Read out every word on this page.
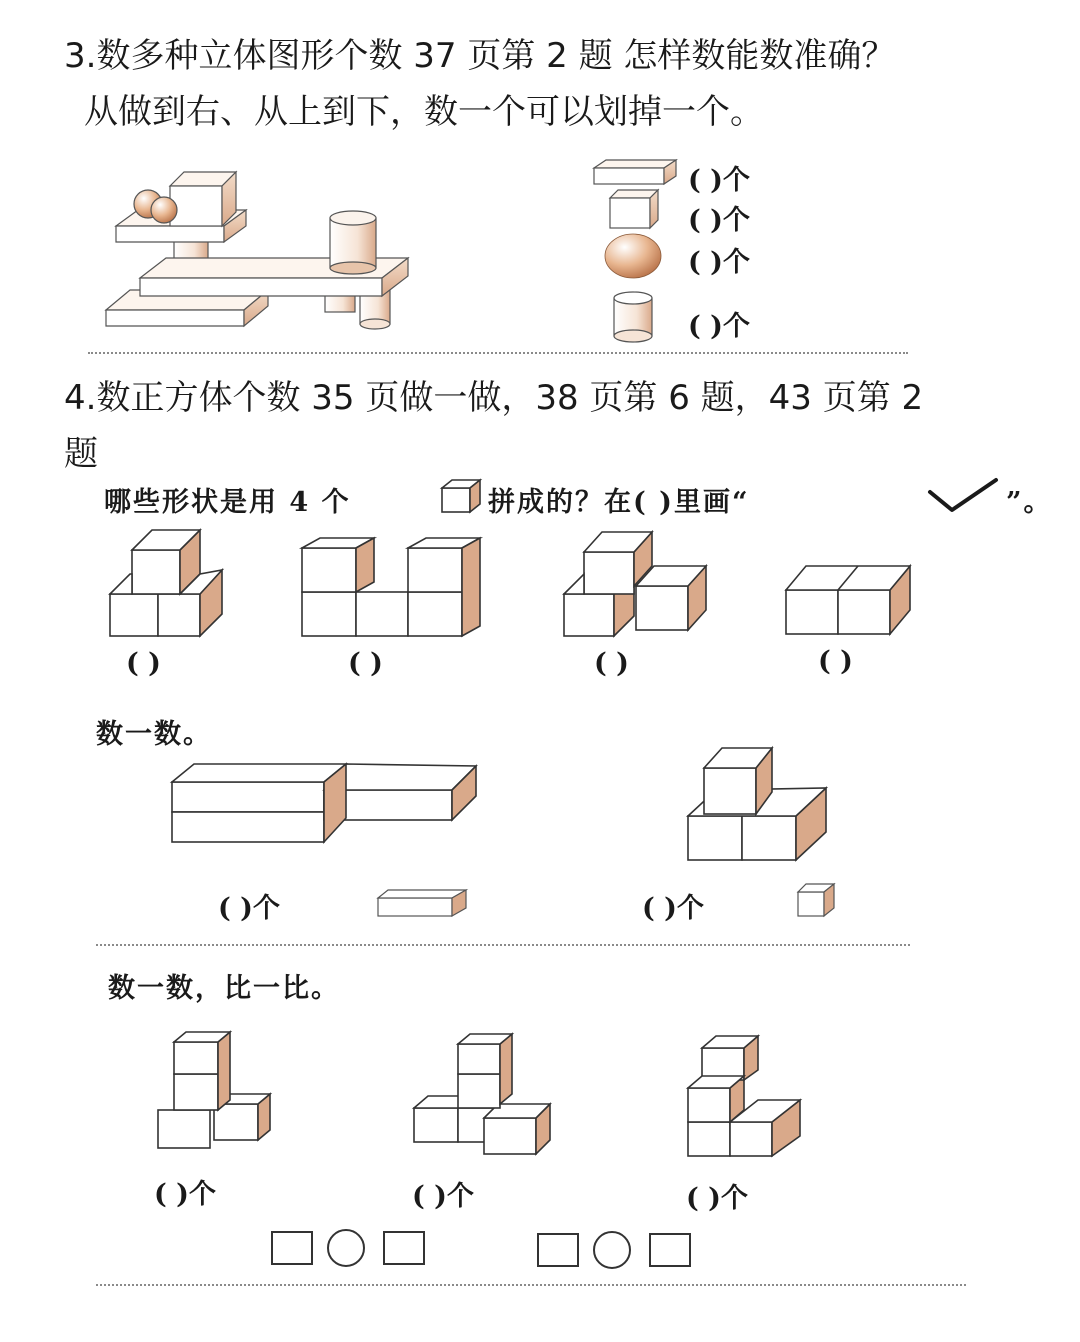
3.数多种立体图形个数 37 页第 2 题 怎样数能数准确？
从做到右、从上到下，数一个可以划掉一个。
( )个
( )个
( )个
( )个
4.数正方体个数 35 页做一做，38 页第 6 题，43 页第 2
题
哪些形状是用 4 个	拼成的？在( )里画“	”。
( )	( )	( )	( )
数一数。
( )个	( )个
数一数，比一比。
( )个	( )个	( )个
